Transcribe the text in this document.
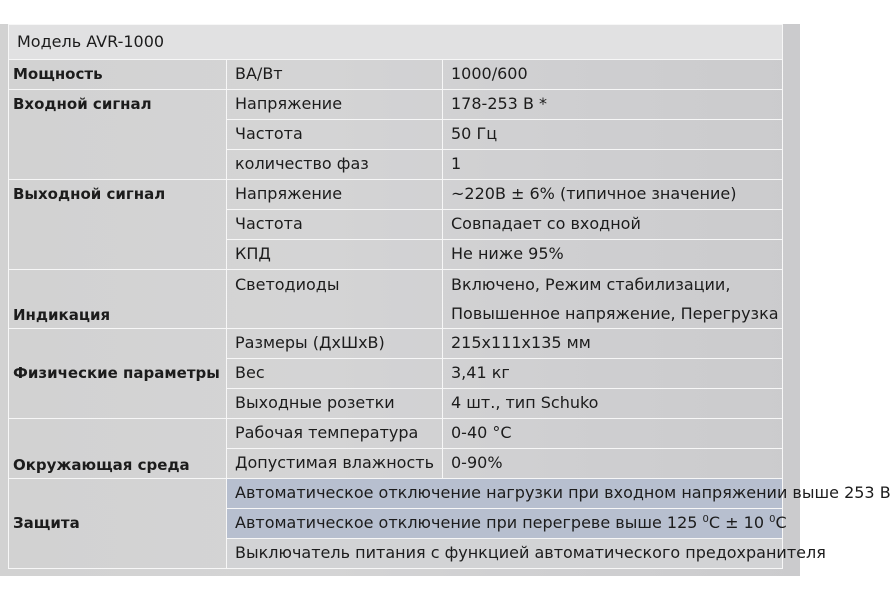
Модель AVR-1000		
Мощность	ВА/Вт	1000/600
Входной сигнал	Напряжение	178-253 В *
	Частота	50 Гц
	количество фаз	1
Выходной сигнал	Напряжение	~220В ± 6% (типичное значение)
	Частота	Совпадает со входной
	КПД	Не ниже 95%
Индикация	Светодиоды	Включено, Режим стабилизации,
Повышенное напряжение, Перегрузка
Физические параметры	Размеры (ДхШхВ)	215x111x135 мм
	Вес	3,41 кг
	Выходные розетки	4 шт., тип Schuko
Окружающая среда	Рабочая температура	0-40 °C
	Допустимая влажность	0-90%
Защита	Автоматическое отключение нагрузки при входном напряжении выше 253 В	
	Автоматическое отключение при перегреве выше 125 $^0$С ± 10 $^0$С	
	Выключатель питания с функцией автоматического предохранителя	
